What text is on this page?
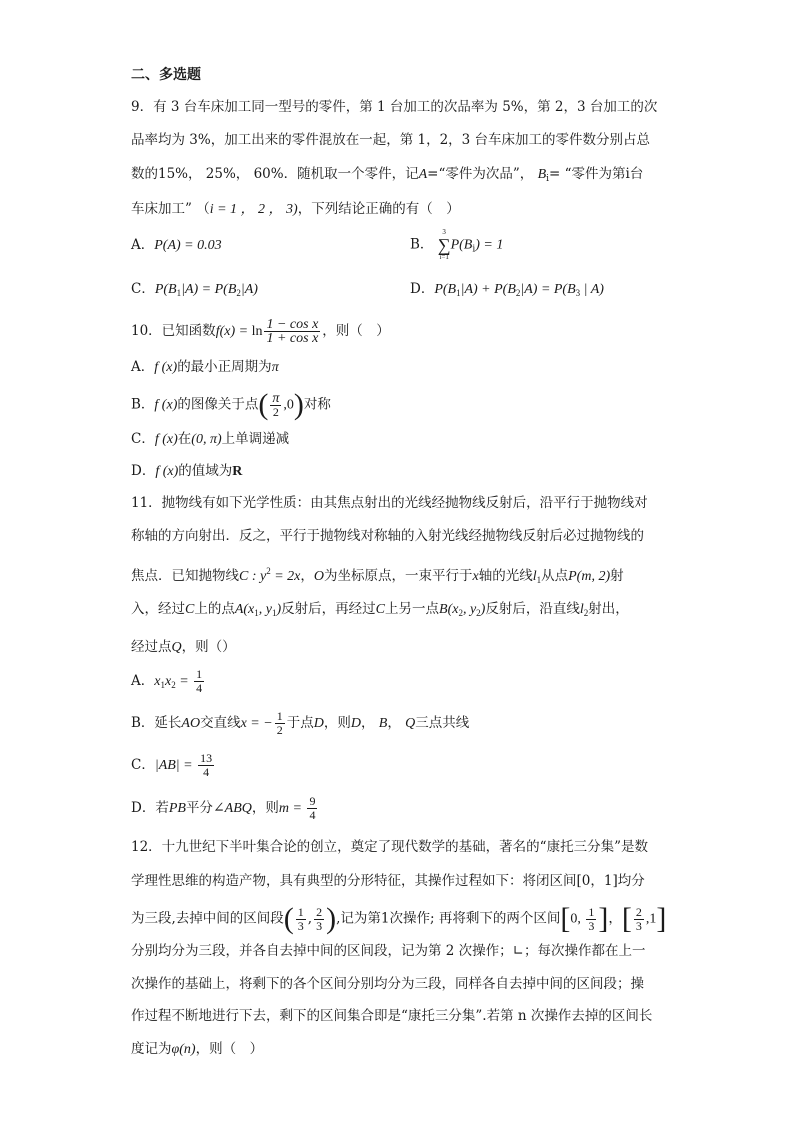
二、多选题
9．有 3 台车床加工同一型号的零件，第 1 台加工的次品率为 5%，第 2，3 台加工的次
品率均为 3%，加工出来的零件混放在一起，第 1，2，3 台车床加工的零件数分别占总
数的15%， 25%， 60%．随机取一个零件，记A=“零件为次品”， $B_i=$ “零件为第i台
车床加工” （i = 1 ， 2 ， 3)，下列结论正确的有（　）
A．P(A) = 0.03	B．
3
∑
i=1
$P(B_i) = 1$
C．$P(B_1|A) = P(B_2|A)$	D．$P(B_1|A) + P(B_2|A) = P(B_3$ | A)
10．已知函数$f(x) = \ln \frac{\text{1 − cos x}}{\text{1 + cos x}}$ ，则（　）
A．f (x)的最小正周期为π
B．f (x)的图像关于点( $\frac{\pi}{2} ,0$)对称
C．f (x)在(0, π)上单调递减
D．f (x)的值域为R
11．抛物线有如下光学性质：由其焦点射出的光线经抛物线反射后，沿平行于抛物线对
称轴的方向射出．反之，平行于抛物线对称轴的入射光线经抛物线反射后必过抛物线的
焦点．已知抛物线C : $y^2 = 2x$，O为坐标原点，一束平行于x轴的光线$l_1$从点P(m, 2)射
入，经过C上的点$A(x_1$, $y_1$)反射后，再经过C上另一点$B(x_2$, $y_2$)反射后，沿直线$l_2$射出，
经过点Q，则（）
A．$x_1x_2 = \frac{1}{4}$
B．延长AO交直线x = − $\frac{1}{2}$ 于点D，则D， B， Q三点共线
C．$|AB| = \frac{13}{4}$
D．若PB平分∠ABQ，则$m = \frac{9}{4}$
12．十九世纪下半叶集合论的创立，奠定了现代数学的基础，著名的“康托三分集”是数
学理性思维的构造产物，具有典型的分形特征，其操作过程如下：将闭区间[0，1]均分
为三段,去掉中间的区间段( $\frac{1}{3}$ , $\frac{2}{3}$ ),记为第1次操作; 再将剩下的两个区间[0, $\frac{1}{3}$ ]，[ $\frac{2}{3} ,1$]
分别均分为三段，并各自去掉中间的区间段，记为第 2 次操作；∟；每次操作都在上一
次操作的基础上，将剩下的各个区间分别均分为三段，同样各自去掉中间的区间段；操
作过程不断地进行下去，剩下的区间集合即是“康托三分集”.若第 n 次操作去掉的区间长
度记为φ(n)，则（　）
